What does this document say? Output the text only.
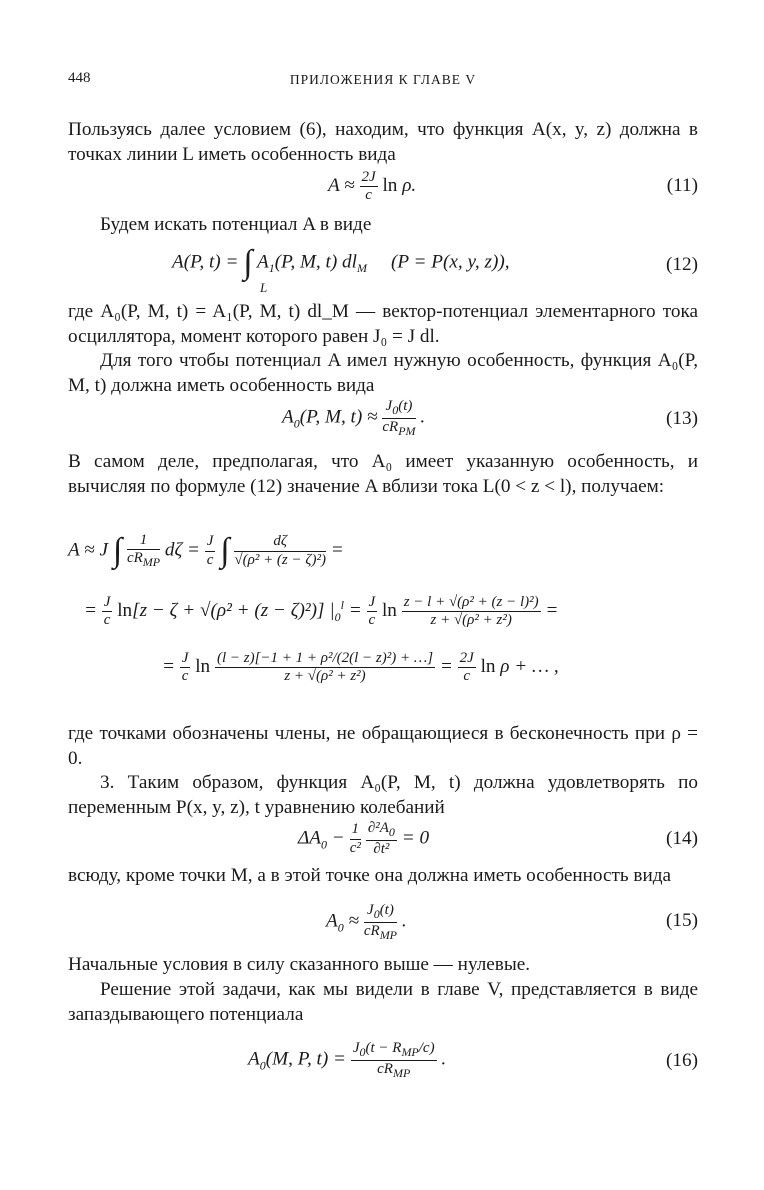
448	ПРИЛОЖЕНИЯ К ГЛАВЕ V
Пользуясь далее условием (6), находим, что функция A(x, y, z) должна в точках линии L иметь особенность вида
$A \approx \frac{2J}{c}$ ln ρ.	(11)
Будем искать потенциал A в виде
A(P, t) = ∫ $A_1(P$, M, t) $dl_M$     (P = P(x, y, z)),
L
(12)
где A₀(P, M, t) = A₁(P, M, t) dl_M — вектор-потенциал элементарного тока осциллятора, момент которого равен J₀ = J dl.
Для того чтобы потенциал A имел нужную особенность, функция A₀(P, M, t) должна иметь особенность вида
$A_0(P$, M, $t) \approx \frac{J_0(t)}{cR_{PM}}$ .	(13)
В самом деле, предполагая, что A₀ имеет указанную особенность, и вычисляя по формуле (12) значение A вблизи тока L(0 < z < l), получаем:
A ≈ J ∫ $\frac{1}{cR_{MP}}$ $d\zeta = \frac{J}{c}$ ∫ $\frac{d\zeta}{\text{√(ρ² + (z − ζ)²)}}$ =
= $\frac{J}{c} \ln[z - \zeta + √(\rho^2 + (z - \zeta)^2)] |_0^l = \frac{J}{c}$ $\ln \frac{\text{z − l + √(ρ² + (z − l)²)}}{\text{z + √(ρ² + z²)}}$ =
= $\frac{J}{c}$ $\ln \frac{\text{(l − z)[−1 + 1 + ρ²/(2(l − z)²) + …]}}{\text{z + √(ρ² + z²)}} = \frac{2J}{c}$ ln ρ + … ,
где точками обозначены члены, не обращающиеся в бесконечность при ρ = 0.
3. Таким образом, функция A₀(P, M, t) должна удовлетворять по переменным P(x, y, z), t уравнению колебаний
$\Delta A_0 - \frac{1}{\text{c²}}$
$\frac{\partial^2A_0}{\text{∂t²}} = 0$	(14)
всюду, кроме точки M, а в этой точке она должна иметь особенность вида
$A_0 \approx \frac{J_0(t)}{cR_{MP}}$ .	(15)
Начальные условия в силу сказанного выше — нулевые.
Решение этой задачи, как мы видели в главе V, представляется в виде запаздывающего потенциала
$A_0(M$, P, $t) = \frac{J_0(t - R_{MP}/c)}{cR_{MP}}$ .	(16)
